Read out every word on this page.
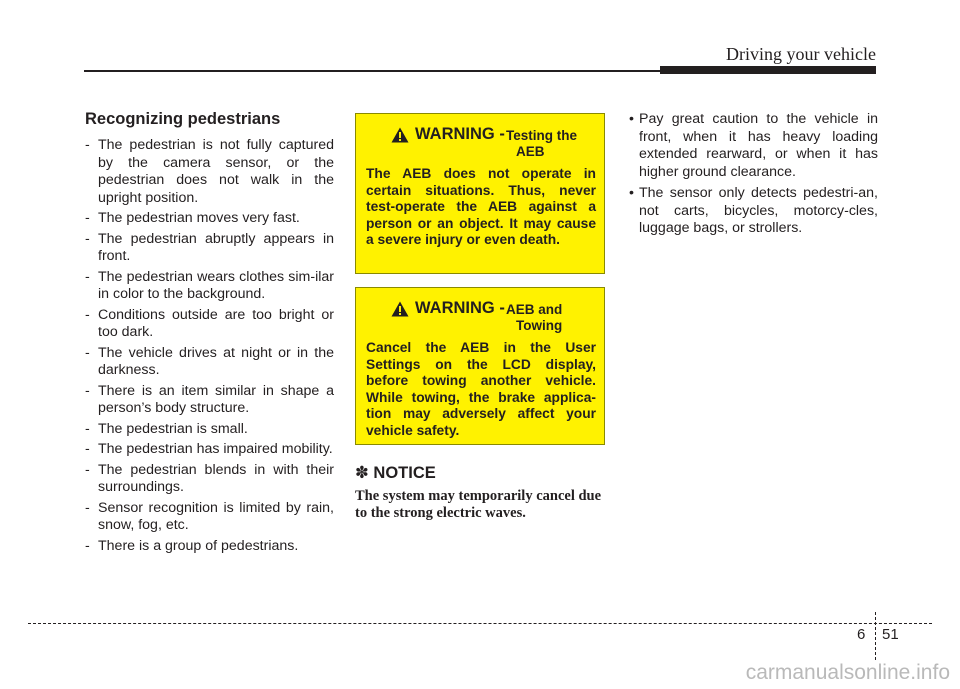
Driving your vehicle
Recognizing pedestrians
- The pedestrian is not fully captured by the camera sensor, or the pedestrian does not walk in the upright position.
- The pedestrian moves very fast.
- The pedestrian abruptly appears in front.
- The pedestrian wears clothes sim-ilar in color to the background.
- Conditions outside are too bright or too dark.
- The vehicle drives at night or in the darkness.
- There is an item similar in shape a person’s body structure.
- The pedestrian is small.
- The pedestrian has impaired mobility.
- The pedestrian blends in with their surroundings.
- Sensor recognition is limited by rain, snow, fog, etc.
- There is a group of pedestrians.
WARNING - Testing the
AEB
The AEB does not operate in certain situations. Thus, never test-operate the AEB against a person or an object. It may cause a severe injury or even death.
WARNING - AEB and
Towing
Cancel the AEB in the User Settings on the LCD display, before towing another vehicle. While towing, the brake applica-tion may adversely affect your vehicle safety.
✽ NOTICE
The system may temporarily cancel due to the strong electric waves.
• Pay great caution to the vehicle in front, when it has heavy loading extended rearward, or when it has higher ground clearance.
• The sensor only detects pedestri-an, not carts, bicycles, motorcy-cles, luggage bags, or strollers.
6 51
carmanualsonline.info
